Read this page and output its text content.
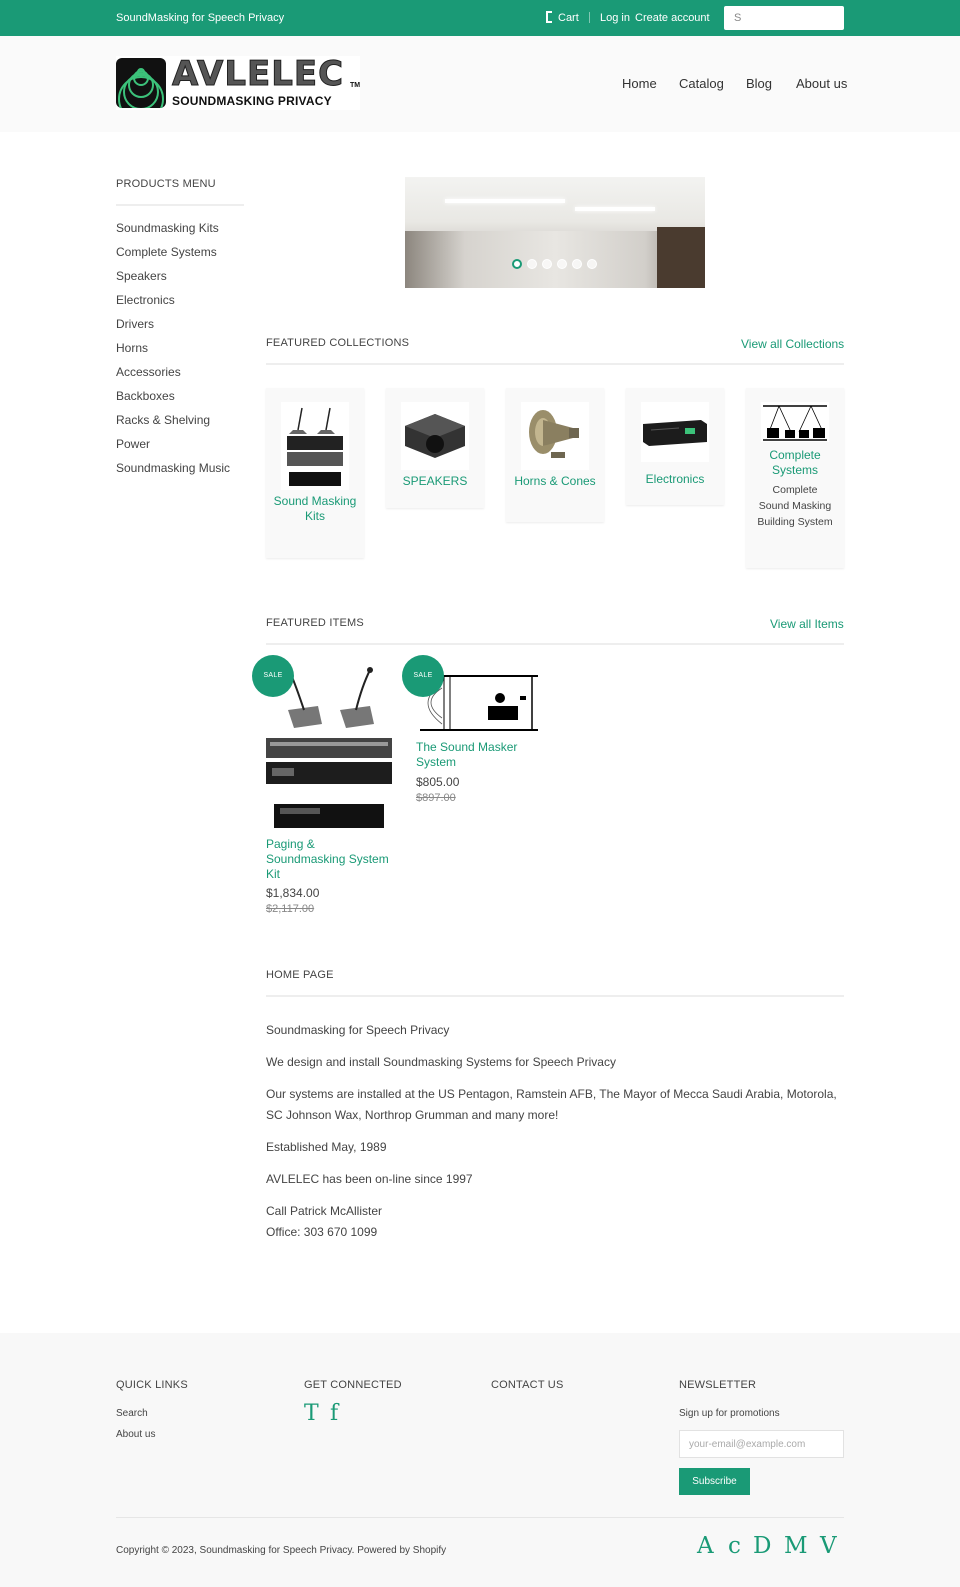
SoundMasking for Speech Privacy	Cart Log in Create account
S
AVLELEC TM
SOUNDMASKING PRIVACY
Home Catalog Blog About us
PRODUCTS MENU
Soundmasking Kits
Complete Systems
Speakers
Electronics
Drivers
Horns
Accessories
Backboxes
Racks & Shelving
Power
Soundmasking Music
FEATURED COLLECTIONS	View all Collections
Sound Masking Kits
SPEAKERS	Horns & Cones	Electronics
Complete Systems
Complete Sound Masking Building System
FEATURED ITEMS	View all Items
SALE
Paging & Soundmasking System Kit
$1,834.00
$2,117.00
SALE
The Sound Masker System
$805.00
$897.00
HOME PAGE

Soundmasking for Speech Privacy

We design and install Soundmasking Systems for Speech Privacy

Our systems are installed at the US Pentagon, Ramstein AFB, The Mayor of Mecca Saudi Arabia, Motorola, SC Johnson Wax, Northrop Grumman and many more!

Established May, 1989

AVLELEC has been on-line since 1997

Call Patrick McAllister

Office: 303 670 1099

QUICK LINKS
Search
About us
GET CONNECTED
T f
CONTACT US	NEWSLETTER
Sign up for promotions
your-email@example.com
Subscribe
Copyright © 2023, Soundmasking for Speech Privacy. Powered by Shopify	A c D M V
